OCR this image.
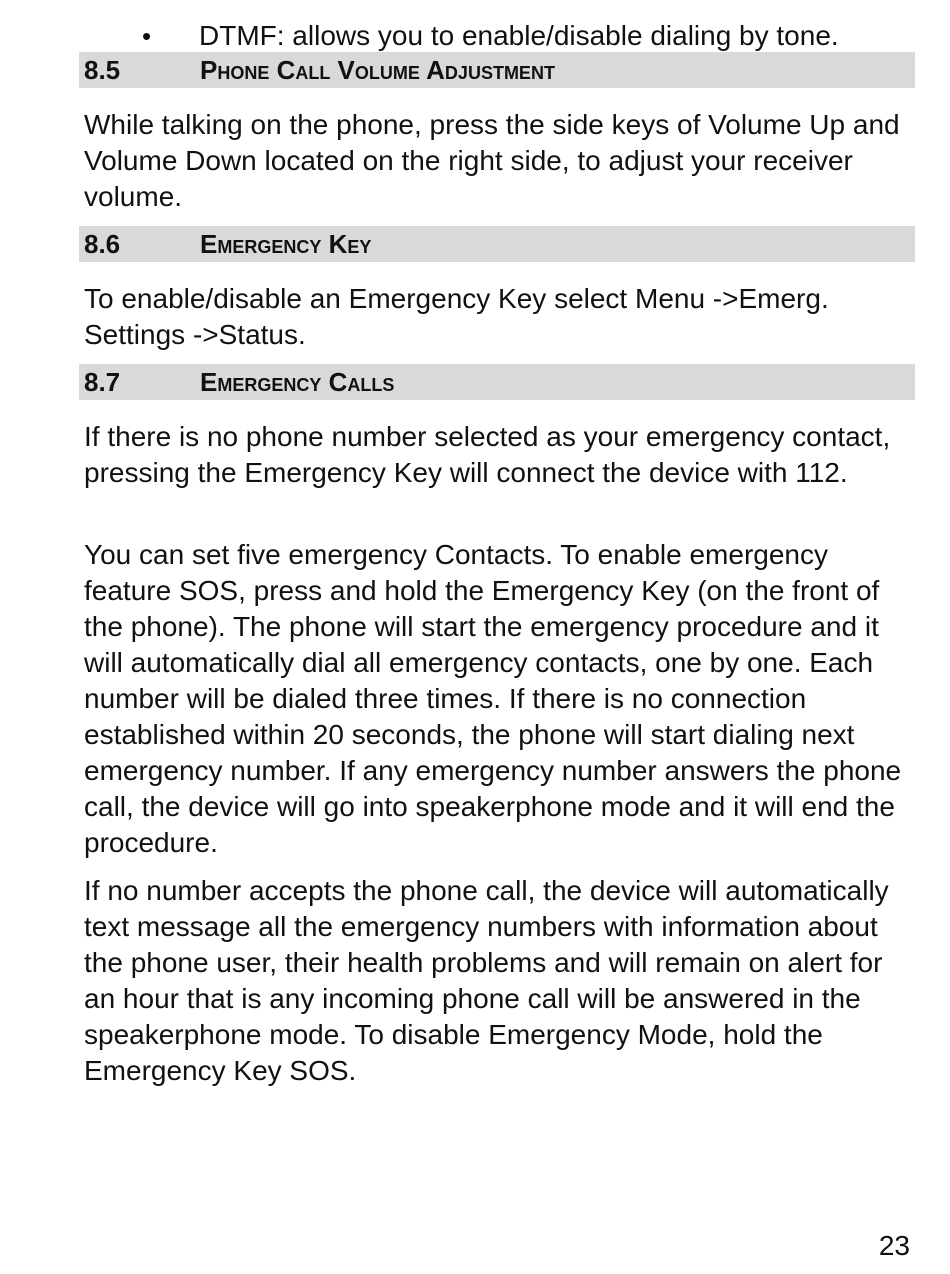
• DTMF: allows you to enable/disable dialing by tone.
8.5	Phone Call Volume Adjustment

While talking on the phone, press the side keys of Volume Up and Volume Down located on the right side, to adjust your receiver volume.

8.6	Emergency Key

To enable/disable an Emergency Key select Menu ->Emerg. Settings ->Status.

8.7	Emergency Calls

If there is no phone number selected as your emergency contact, pressing the Emergency Key will connect the device with 112.

You can set five emergency Contacts. To enable emergency feature SOS, press and hold the Emergency Key (on the front of the phone). The phone will start the emergency procedure and it will automatically dial all emergency contacts, one by one. Each number will be dialed three times. If there is no connection established within 20 seconds, the phone will start dialing next emergency number. If any emergency number answers the phone call, the device will go into speakerphone mode and it will end the procedure.

If no number accepts the phone call, the device will automatically text message all the emergency numbers with information about the phone user, their health problems and will remain on alert for an hour that is any incoming phone call will be answered in the speakerphone mode. To disable Emergency Mode, hold the Emergency Key SOS.

23
